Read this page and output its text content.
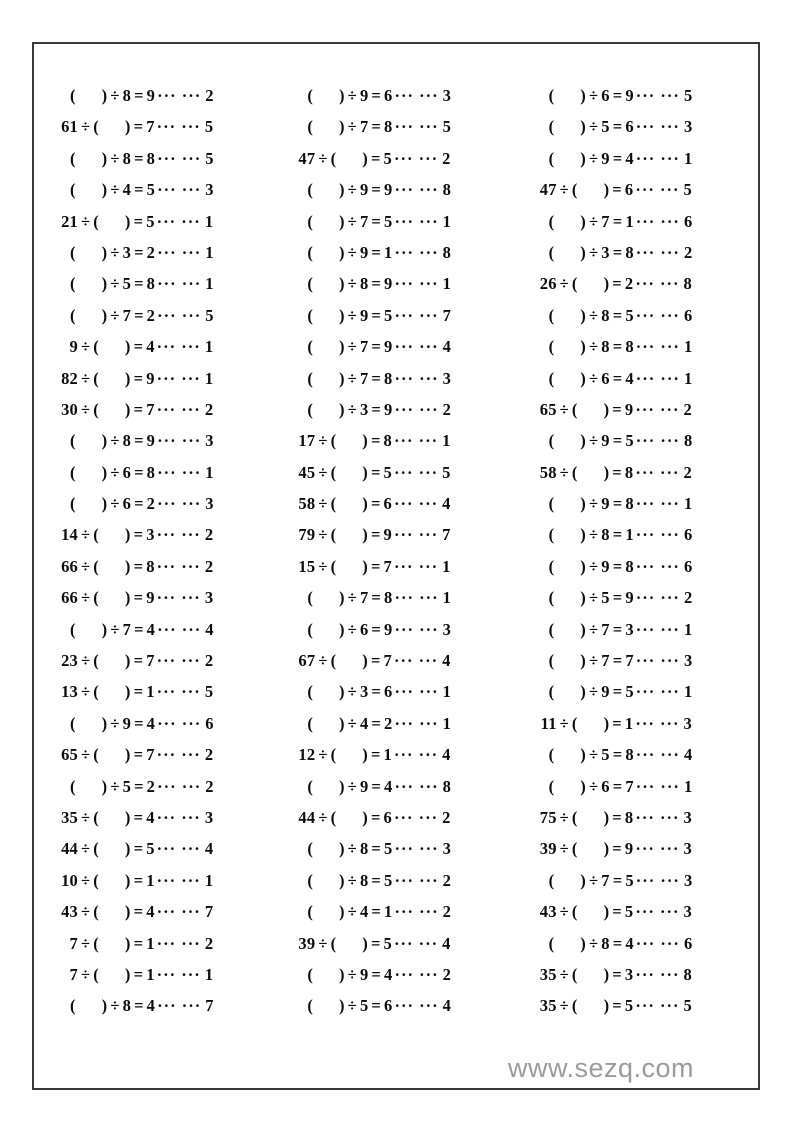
(      ) ÷ 8 = 9 ··· ··· 2
61 ÷ (      ) = 7 ··· ··· 5
(      ) ÷ 8 = 8 ··· ··· 5
(      ) ÷ 4 = 5 ··· ··· 3
21 ÷ (      ) = 5 ··· ··· 1
(      ) ÷ 3 = 2 ··· ··· 1
(      ) ÷ 5 = 8 ··· ··· 1
(      ) ÷ 7 = 2 ··· ··· 5
9 ÷ (      ) = 4 ··· ··· 1
82 ÷ (      ) = 9 ··· ··· 1
30 ÷ (      ) = 7 ··· ··· 2
(      ) ÷ 8 = 9 ··· ··· 3
(      ) ÷ 6 = 8 ··· ··· 1
(      ) ÷ 6 = 2 ··· ··· 3
14 ÷ (      ) = 3 ··· ··· 2
66 ÷ (      ) = 8 ··· ··· 2
66 ÷ (      ) = 9 ··· ··· 3
(      ) ÷ 7 = 4 ··· ··· 4
23 ÷ (      ) = 7 ··· ··· 2
13 ÷ (      ) = 1 ··· ··· 5
(      ) ÷ 9 = 4 ··· ··· 6
65 ÷ (      ) = 7 ··· ··· 2
(      ) ÷ 5 = 2 ··· ··· 2
35 ÷ (      ) = 4 ··· ··· 3
44 ÷ (      ) = 5 ··· ··· 4
10 ÷ (      ) = 1 ··· ··· 1
43 ÷ (      ) = 4 ··· ··· 7
7 ÷ (      ) = 1 ··· ··· 2
7 ÷ (      ) = 1 ··· ··· 1
(      ) ÷ 8 = 4 ··· ··· 7
(      ) ÷ 9 = 6 ··· ··· 3
(      ) ÷ 7 = 8 ··· ··· 5
47 ÷ (      ) = 5 ··· ··· 2
(      ) ÷ 9 = 9 ··· ··· 8
(      ) ÷ 7 = 5 ··· ··· 1
(      ) ÷ 9 = 1 ··· ··· 8
(      ) ÷ 8 = 9 ··· ··· 1
(      ) ÷ 9 = 5 ··· ··· 7
(      ) ÷ 7 = 9 ··· ··· 4
(      ) ÷ 7 = 8 ··· ··· 3
(      ) ÷ 3 = 9 ··· ··· 2
17 ÷ (      ) = 8 ··· ··· 1
45 ÷ (      ) = 5 ··· ··· 5
58 ÷ (      ) = 6 ··· ··· 4
79 ÷ (      ) = 9 ··· ··· 7
15 ÷ (      ) = 7 ··· ··· 1
(      ) ÷ 7 = 8 ··· ··· 1
(      ) ÷ 6 = 9 ··· ··· 3
67 ÷ (      ) = 7 ··· ··· 4
(      ) ÷ 3 = 6 ··· ··· 1
(      ) ÷ 4 = 2 ··· ··· 1
12 ÷ (      ) = 1 ··· ··· 4
(      ) ÷ 9 = 4 ··· ··· 8
44 ÷ (      ) = 6 ··· ··· 2
(      ) ÷ 8 = 5 ··· ··· 3
(      ) ÷ 8 = 5 ··· ··· 2
(      ) ÷ 4 = 1 ··· ··· 2
39 ÷ (      ) = 5 ··· ··· 4
(      ) ÷ 9 = 4 ··· ··· 2
(      ) ÷ 5 = 6 ··· ··· 4
(      ) ÷ 6 = 9 ··· ··· 5
(      ) ÷ 5 = 6 ··· ··· 3
(      ) ÷ 9 = 4 ··· ··· 1
47 ÷ (      ) = 6 ··· ··· 5
(      ) ÷ 7 = 1 ··· ··· 6
(      ) ÷ 3 = 8 ··· ··· 2
26 ÷ (      ) = 2 ··· ··· 8
(      ) ÷ 8 = 5 ··· ··· 6
(      ) ÷ 8 = 8 ··· ··· 1
(      ) ÷ 6 = 4 ··· ··· 1
65 ÷ (      ) = 9 ··· ··· 2
(      ) ÷ 9 = 5 ··· ··· 8
58 ÷ (      ) = 8 ··· ··· 2
(      ) ÷ 9 = 8 ··· ··· 1
(      ) ÷ 8 = 1 ··· ··· 6
(      ) ÷ 9 = 8 ··· ··· 6
(      ) ÷ 5 = 9 ··· ··· 2
(      ) ÷ 7 = 3 ··· ··· 1
(      ) ÷ 7 = 7 ··· ··· 3
(      ) ÷ 9 = 5 ··· ··· 1
11 ÷ (      ) = 1 ··· ··· 3
(      ) ÷ 5 = 8 ··· ··· 4
(      ) ÷ 6 = 7 ··· ··· 1
75 ÷ (      ) = 8 ··· ··· 3
39 ÷ (      ) = 9 ··· ··· 3
(      ) ÷ 7 = 5 ··· ··· 3
43 ÷ (      ) = 5 ··· ··· 3
(      ) ÷ 8 = 4 ··· ··· 6
35 ÷ (      ) = 3 ··· ··· 8
35 ÷ (      ) = 5 ··· ··· 5
www.sezq.com
